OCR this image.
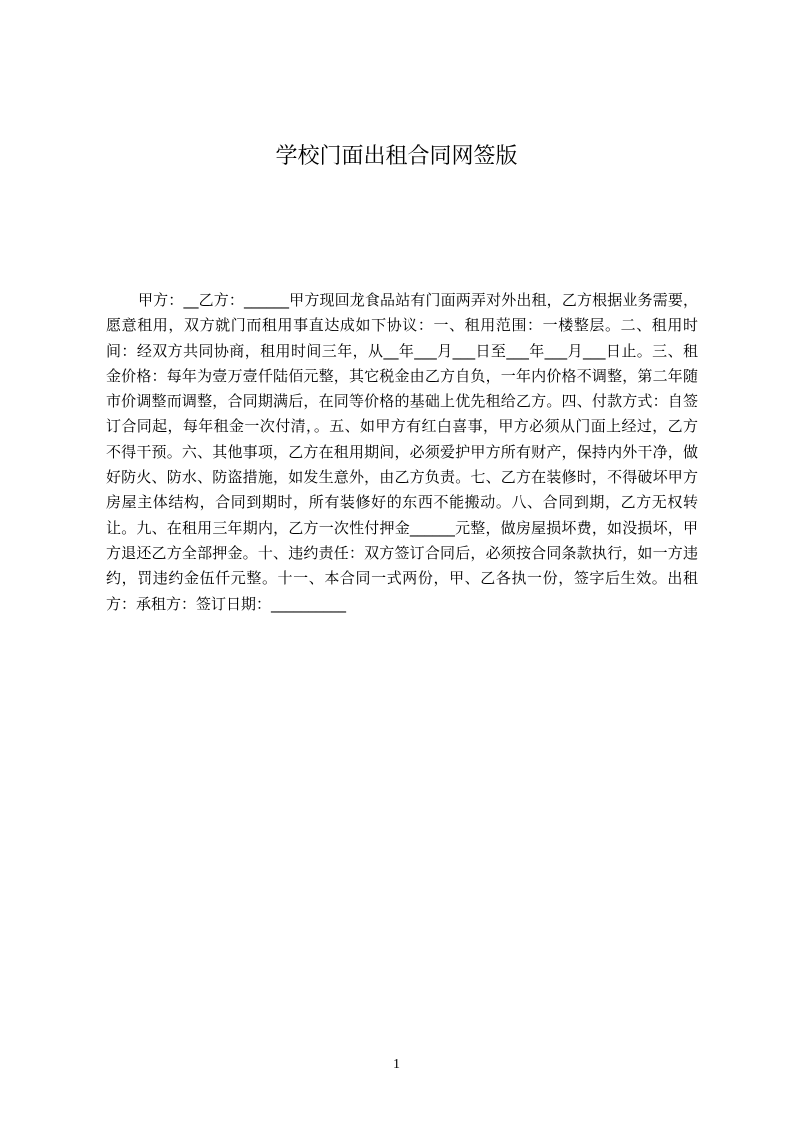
学校门面出租合同网签版

甲方：__乙方：______甲方现回龙食品站有门面两弄对外出租，乙方根据业务需要，愿意租用，双方就门而租用事直达成如下协议：一、租用范围：一楼整层。二、租用时间：经双方共同协商，租用时间三年，从__年___月___日至___年___月___日止。三、租金价格：每年为壹万壹仟陆佰元整，其它税金由乙方自负，一年内价格不调整，第二年随市价调整而调整，合同期满后，在同等价格的基础上优先租给乙方。四、付款方式：自签订合同起，每年租金一次付清，。五、如甲方有红白喜事，甲方必须从门面上经过，乙方不得干预。六、其他事项，乙方在租用期间，必须爱护甲方所有财产，保持内外干净，做好防火、防水、防盗措施，如发生意外，由乙方负责。七、乙方在装修时，不得破坏甲方房屋主体结构，合同到期时，所有装修好的东西不能搬动。八、合同到期，乙方无权转让。九、在租用三年期内，乙方一次性付押金______元整，做房屋损坏费，如没损坏，甲方退还乙方全部押金。十、违约责任：双方签订合同后，必须按合同条款执行，如一方违约，罚违约金伍仟元整。十一、本合同一式两份，甲、乙各执一份，签字后生效。出租方：承租方：签订日期：__________

1
